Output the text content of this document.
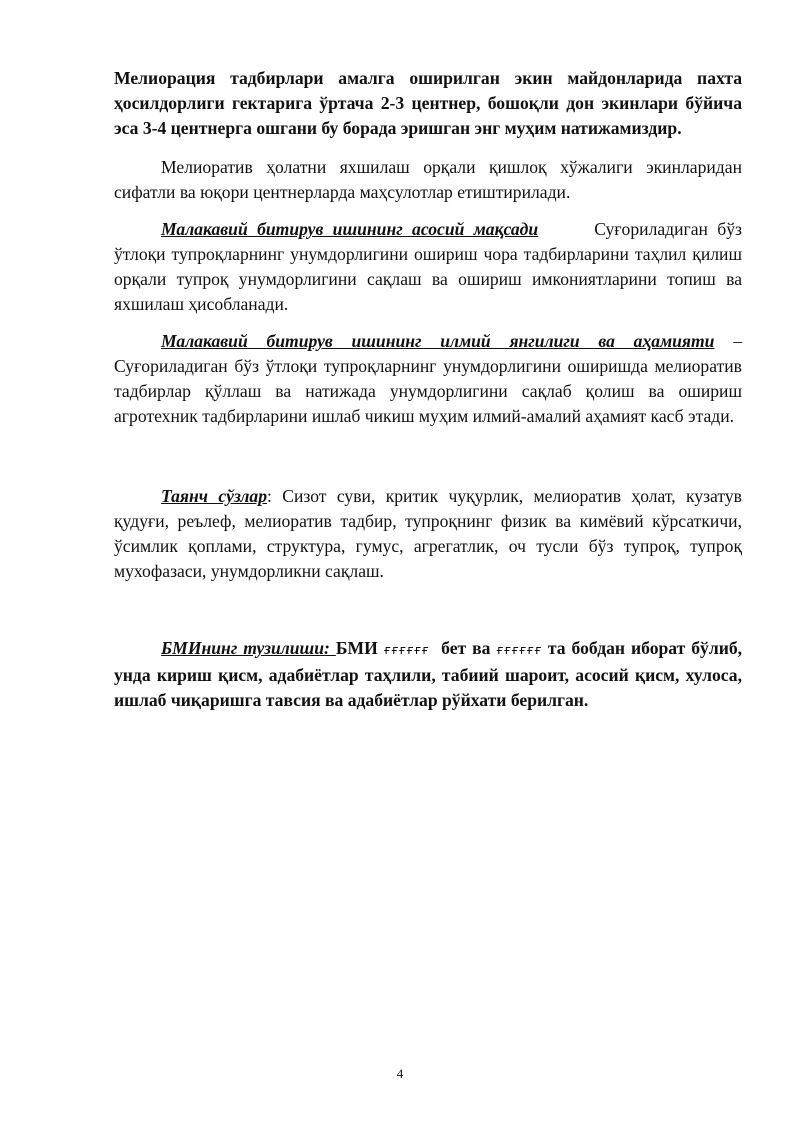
Мелиорация тадбирлари амалга оширилган экин майдонларида пахта ҳосилдорлиги гектарига ўртача 2-3 центнер, бошоқли дон экинлари бўйича эса 3-4 центнерга ошгани бу борада эришган энг муҳим натижамиздир.

Мелиоратив ҳолатни яхшилаш орқали қишлоқ хўжалиги экинларидан сифатли ва юқори центнерларда маҳсулотлар етиштирилади.

Малакавий битирув ишининг асосий мақсади	Суғориладиган бўз ўтлоқи тупроқларнинг унумдорлигини ошириш чора тадбирларини таҳлил қилиш орқали тупроқ унумдорлигини сақлаш ва ошириш имкониятларини топиш ва яхшилаш ҳисобланади.

Малакавий битирув ишининг илмий янгилиги ва аҳамияти – Суғориладиган бўз ўтлоқи тупроқларнинг унумдорлигини оширишда мелиоратив тадбирлар қўллаш ва натижада унумдорлигини сақлаб қолиш ва ошириш агротехник тадбирларини ишлаб чикиш муҳим илмий-амалий аҳамият касб этади.

Таянч сўзлар: Сизот суви, критик чуқурлик, мелиоратив ҳолат, кузатув қудуғи, реълеф, мелиоратив тадбир, тупроқнинг физик ва кимёвий кўрсаткичи, ўсимлик қоплами, структура, гумус, агрегатлик, оч тусли бўз тупроқ, тупроқ мухофазаси, унумдорликни сақлаш.

БМИнинг тузилиши: БМИ ғғғғғғ бет ва ғғғғғғ та бобдан иборат бўлиб, унда кириш қисм, адабиётлар таҳлили, табиий шароит, асосий қисм, хулоса, ишлаб чиқаришга тавсия ва адабиётлар рўйхати берилган.

4
